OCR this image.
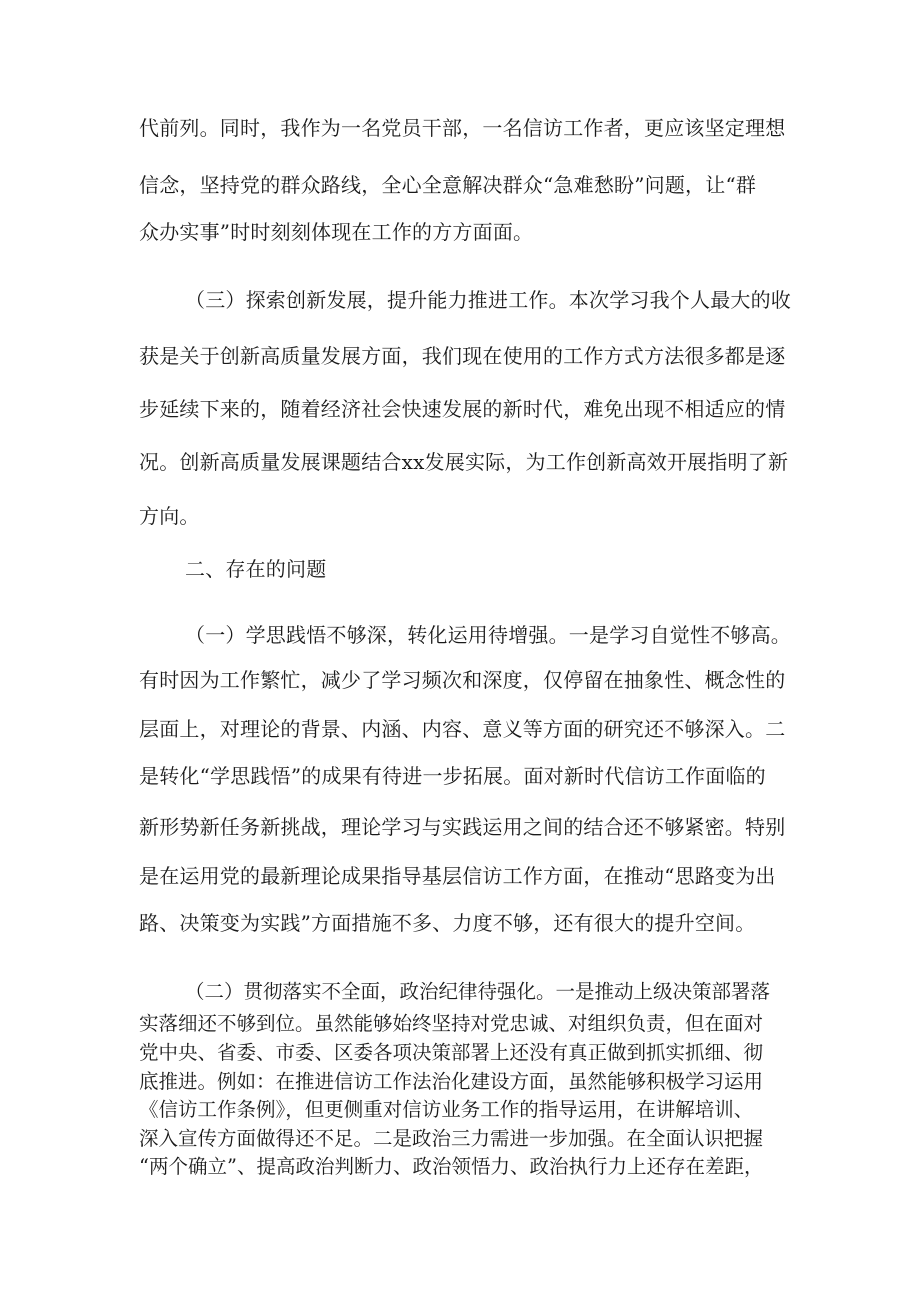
代前列。同时，我作为一名党员干部，一名信访工作者，更应该坚定理想
信念，坚持党的群众路线，全心全意解决群众“急难愁盼”问题，让“群
众办实事”时时刻刻体现在工作的方方面面。
（三）探索创新发展，提升能力推进工作。本次学习我个人最大的收
获是关于创新高质量发展方面，我们现在使用的工作方式方法很多都是逐
步延续下来的，随着经济社会快速发展的新时代，难免出现不相适应的情
况。创新高质量发展课题结合xx发展实际，为工作创新高效开展指明了新
方向。
二、存在的问题
（一）学思践悟不够深，转化运用待增强。一是学习自觉性不够高。
有时因为工作繁忙，减少了学习频次和深度，仅停留在抽象性、概念性的
层面上，对理论的背景、内涵、内容、意义等方面的研究还不够深入。二
是转化“学思践悟”的成果有待进一步拓展。面对新时代信访工作面临的
新形势新任务新挑战，理论学习与实践运用之间的结合还不够紧密。特别
是在运用党的最新理论成果指导基层信访工作方面，在推动“思路变为出
路、决策变为实践”方面措施不多、力度不够，还有很大的提升空间。
（二）贯彻落实不全面，政治纪律待强化。一是推动上级决策部署落
实落细还不够到位。虽然能够始终坚持对党忠诚、对组织负责，但在面对
党中央、省委、市委、区委各项决策部署上还没有真正做到抓实抓细、彻
底推进。例如：在推进信访工作法治化建设方面，虽然能够积极学习运用
《信访工作条例》，但更侧重对信访业务工作的指导运用，在讲解培训、
深入宣传方面做得还不足。二是政治三力需进一步加强。在全面认识把握
“两个确立”、提高政治判断力、政治领悟力、政治执行力上还存在差距，
